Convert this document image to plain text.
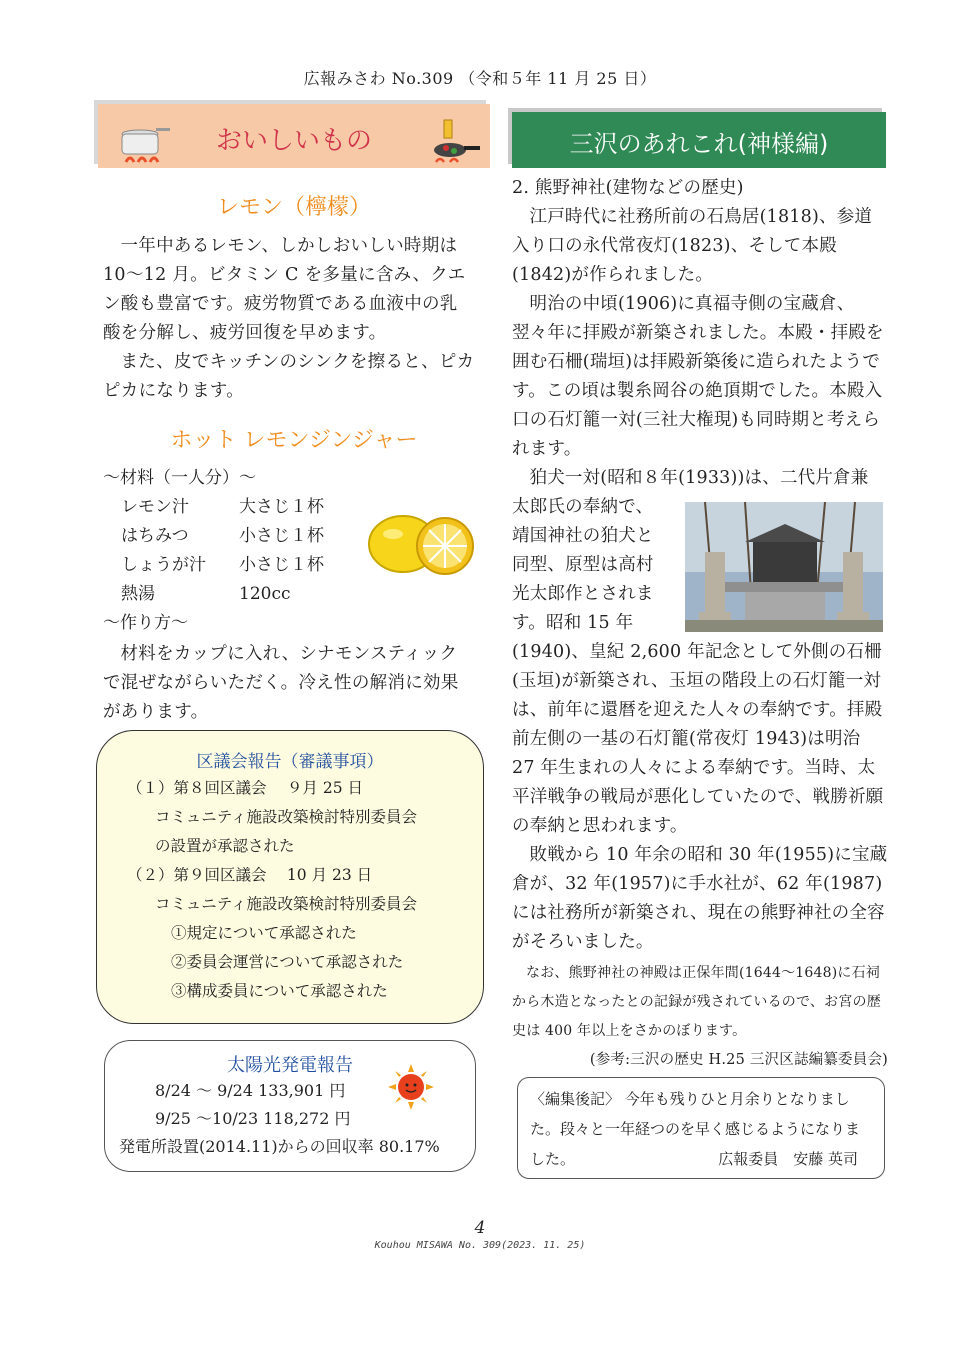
広報みさわ No.309 （令和５年 11 月 25 日）
おいしいもの
レモン（檸檬）

一年中あるレモン、しかしおいしい時期は 10～12 月。ビタミン C を多量に含み、クエン酸も豊富です。疲労物質である血液中の乳酸を分解し、疲労回復を早めます。

また、皮でキッチンのシンクを擦ると、ピカピカになります。

ホット レモンジンジャー
～材料（一人分）～
レモン汁	大さじ１杯
はちみつ	小さじ１杯
しょうが汁	小さじ１杯
熱湯	120cc
～作り方～

材料をカップに入れ、シナモンスティックで混ぜながらいただく。冷え性の解消に効果があります。

区議会報告（審議事項）
（１）第８回区議会　 ９月 25 日
コミュニティ施設改築検討特別委員会
の設置が承認された
（２）第９回区議会　 10 月 23 日
コミュニティ施設改築検討特別委員会
①規定について承認された
②委員会運営について承認された
③構成委員について承認された
太陽光発電報告
8/24 ～ 9/24 133,901 円
9/25 ～10/23 118,272 円
発電所設置(2014.11)からの回収率 80.17%
三沢のあれこれ(神様編)
2. 熊野神社(建物などの歴史)

江戸時代に社務所前の石鳥居(1818)、参道入り口の永代常夜灯(1823)、そして本殿(1842)が作られました。

明治の中頃(1906)に真福寺側の宝蔵倉、翌々年に拝殿が新築されました。本殿・拝殿を囲む石柵(瑞垣)は拝殿新築後に造られたようです。この頃は製糸岡谷の絶頂期でした。本殿入口の石灯籠一対(三社大権現)も同時期と考えられます。

狛犬一対(昭和８年(1933))は、二代片倉兼
太郎氏の奉納で、
靖国神社の狛犬と
同型、原型は高村
光太郎作とされま
す。昭和 15 年

(1940)、皇紀 2,600 年記念として外側の石柵 (玉垣)が新築され、玉垣の階段上の石灯籠一対は、前年に還暦を迎えた人々の奉納です。拝殿前左側の一基の石灯籠(常夜灯 1943)は明治 27 年生まれの人々による奉納です。当時、太平洋戦争の戦局が悪化していたので、戦勝祈願の奉納と思われます。

敗戦から 10 年余の昭和 30 年(1955)に宝蔵倉が、32 年(1957)に手水社が、62 年(1987)には社務所が新築され、現在の熊野神社の全容がそろいました。

なお、熊野神社の神殿は正保年間(1644～1648)に石祠から木造となったとの記録が残されているので、お宮の歴史は 400 年以上をさかのぼります。

(参考:三沢の歴史 H.25 三沢区誌編纂委員会)
〈編集後記〉 今年も残りひと月余りとなりました。段々と一年経つのを早く感じるようになりました。	広報委員　安藤 英司
4
Kouhou MISAWA No. 309(2023. 11. 25)
